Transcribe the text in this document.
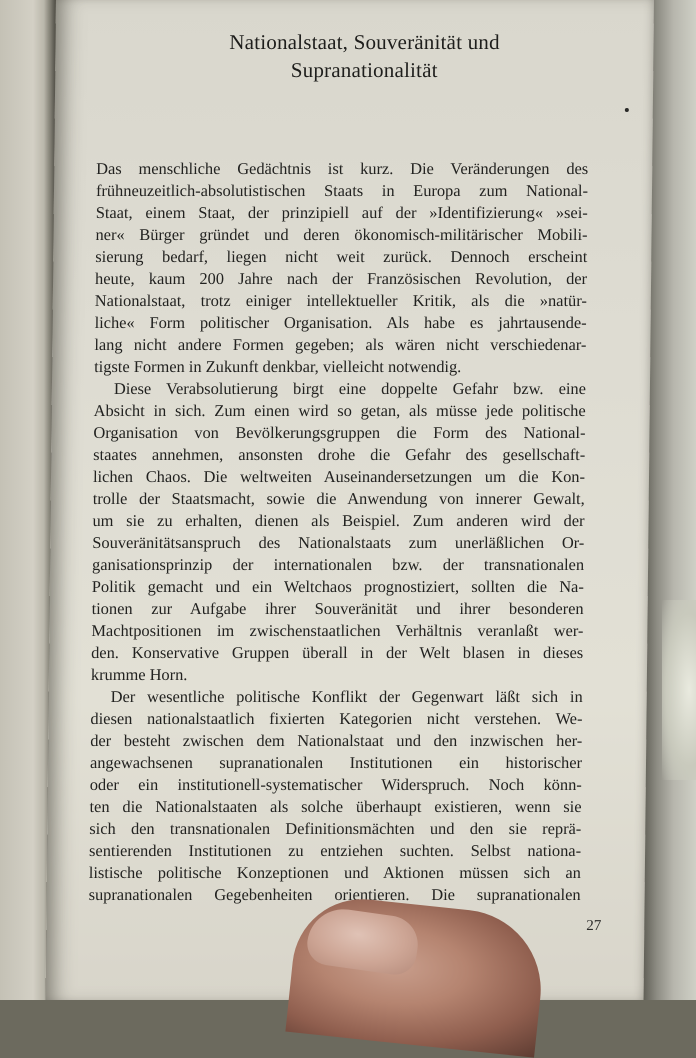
Nationalstaat, Souveränität und
Supranationalität
Das menschliche Gedächtnis ist kurz. Die Veränderungen des
frühneuzeitlich-absolutistischen Staats in Europa zum National-
Staat, einem Staat, der prinzipiell auf der »Identifizierung« »sei-
ner« Bürger gründet und deren ökonomisch-militärischer Mobili-
sierung bedarf, liegen nicht weit zurück. Dennoch erscheint
heute, kaum 200 Jahre nach der Französischen Revolution, der
Nationalstaat, trotz einiger intellektueller Kritik, als die »natür-
liche« Form politischer Organisation. Als habe es jahrtausende-
lang nicht andere Formen gegeben; als wären nicht verschiedenar-
tigste Formen in Zukunft denkbar, vielleicht notwendig.
Diese Verabsolutierung birgt eine doppelte Gefahr bzw. eine
Absicht in sich. Zum einen wird so getan, als müsse jede politische
Organisation von Bevölkerungsgruppen die Form des National-
staates annehmen, ansonsten drohe die Gefahr des gesellschaft-
lichen Chaos. Die weltweiten Auseinandersetzungen um die Kon-
trolle der Staatsmacht, sowie die Anwendung von innerer Gewalt,
um sie zu erhalten, dienen als Beispiel. Zum anderen wird der
Souveränitätsanspruch des Nationalstaats zum unerläßlichen Or-
ganisationsprinzip der internationalen bzw. der transnationalen
Politik gemacht und ein Weltchaos prognostiziert, sollten die Na-
tionen zur Aufgabe ihrer Souveränität und ihrer besonderen
Machtpositionen im zwischenstaatlichen Verhältnis veranlaßt wer-
den. Konservative Gruppen überall in der Welt blasen in dieses
krumme Horn.
Der wesentliche politische Konflikt der Gegenwart läßt sich in
diesen nationalstaatlich fixierten Kategorien nicht verstehen. We-
der besteht zwischen dem Nationalstaat und den inzwischen her-
angewachsenen supranationalen Institutionen ein historischer
oder ein institutionell-systematischer Widerspruch. Noch könn-
ten die Nationalstaaten als solche überhaupt existieren, wenn sie
sich den transnationalen Definitionsmächten und den sie reprä-
sentierenden Institutionen zu entziehen suchten. Selbst nationa-
listische politische Konzeptionen und Aktionen müssen sich an
supranationalen Gegebenheiten orientieren. Die supranationalen
27
